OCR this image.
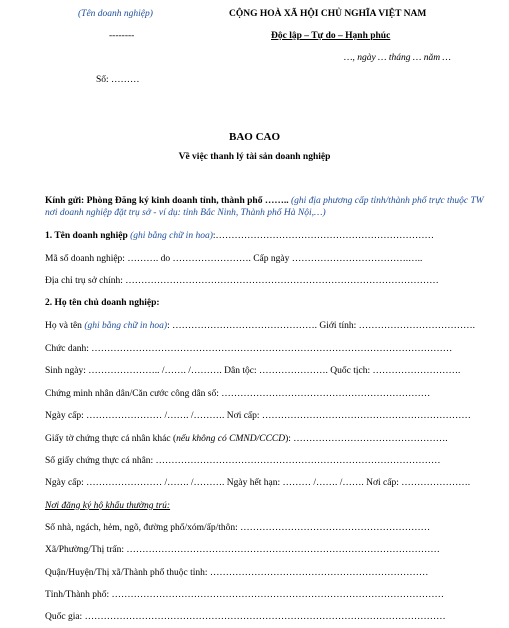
(Tên doanh nghiệp)
--------
CỘNG HOÀ XÃ HỘI CHỦ NGHĨA VIỆT NAM
Độc lập – Tự do – Hạnh phúc
…, ngày … tháng … năm …
Số: ………
BAO CAO
Về việc thanh lý tài sản doanh nghiệp
Kính gửi: Phòng Đăng ký kinh doanh tỉnh, thành phố …….. (ghi địa phương cấp tỉnh/thành phố trực thuộc TW nơi doanh nghiệp đặt trụ sở - ví dụ: tỉnh Bắc Ninh, Thành phố Hà Nội,…)
1. Tên doanh nghiệp (ghi bằng chữ in hoa):……………………………………………………………
Mã số doanh nghiệp: ………. do ……………………. Cấp ngày ……………………………….…..
Địa chỉ trụ sở chính: ………………………………………………………………………………………
2. Họ tên chủ doanh nghiệp:
Họ và tên (ghi bằng chữ in hoa): ………………………………………. Giới tính: ……………………………….
Chức danh: ……………………………………………………………………………………………………
Sinh ngày: ………………….. /……. /………. Dân tộc: …………………. Quốc tịch: ……………………….
Chứng minh nhân dân/Căn cước công dân số: …………………………………………………………
Ngày cấp: …………………… /……. /………. Nơi cấp: …………………………………………………………
Giấy tờ chứng thực cá nhân khác (nếu không có CMND/CCCD): ………………………………………….
Số giấy chứng thực cá nhân: ………………………………………………………………………………
Ngày cấp: …………………… /……. /………. Ngày hết hạn: ……… /……. /……. Nơi cấp: ………………….
Nơi đăng ký hộ khẩu thường trú:
Số nhà, ngách, hẻm, ngõ, đường phố/xóm/ấp/thôn: ……………………………………………………
Xã/Phường/Thị trấn: ………………………………………………………………………………………
Quận/Huyện/Thị xã/Thành phố thuộc tỉnh: ……………………………………………………………
Tỉnh/Thành phố: ……………………………………………………………………………………………
Quốc gia: ……………………………………………………………………………………………………
